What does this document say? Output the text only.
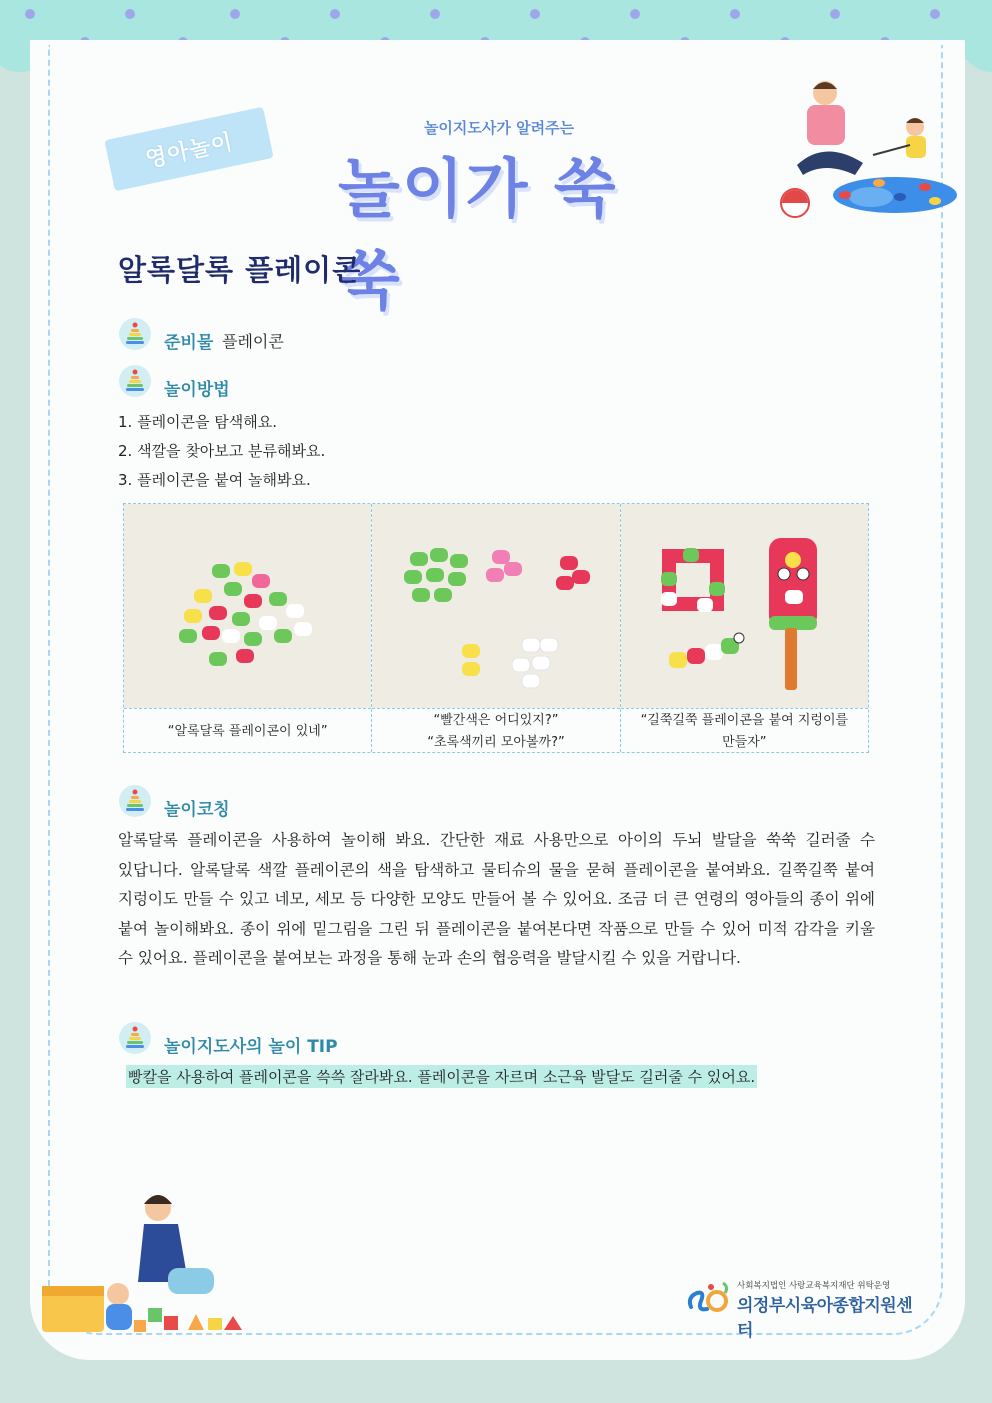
영아놀이
놀이지도사가 알려주는
놀이가 쑥쑥
알록달록 플레이콘
준비물 플레이콘
놀이방법
1. 플레이콘을 탐색해요.
2. 색깔을 찾아보고 분류해봐요.
3. 플레이콘을 붙여 놀해봐요.
“알록달록 플레이콘이 있네”
“빨간색은 어디있지?”
“초록색끼리 모아볼까?”
“길쭉길쭉 플레이콘을 붙여 지렁이를
만들자”
놀이코칭
알록달록 플레이콘을 사용하여 놀이해 봐요. 간단한 재료 사용만으로 아이의 두뇌 발달을 쑥쑥 길러줄 수 있답니다. 알록달록 색깔 플레이콘의 색을 탐색하고 물티슈의 물을 묻혀 플레이콘을 붙여봐요. 길쭉길쭉 붙여 지렁이도 만들 수 있고 네모, 세모 등 다양한 모양도 만들어 볼 수 있어요. 조금 더 큰 연령의 영아들의 종이 위에 붙여 놀이해봐요. 종이 위에 밑그림을 그린 뒤 플레이콘을 붙여본다면 작품으로 만들 수 있어 미적 감각을 키울 수 있어요. 플레이콘을 붙여보는 과정을 통해 눈과 손의 협응력을 발달시킬 수 있을 거랍니다.
놀이지도사의 놀이 TIP
빵칼을 사용하여 플레이콘을 쓱쓱 잘라봐요. 플레이콘을 자르며 소근육 발달도 길러줄 수 있어요.
사회복지법인 사랑교육복지재단 위탁운영
의정부시육아종합지원센터
